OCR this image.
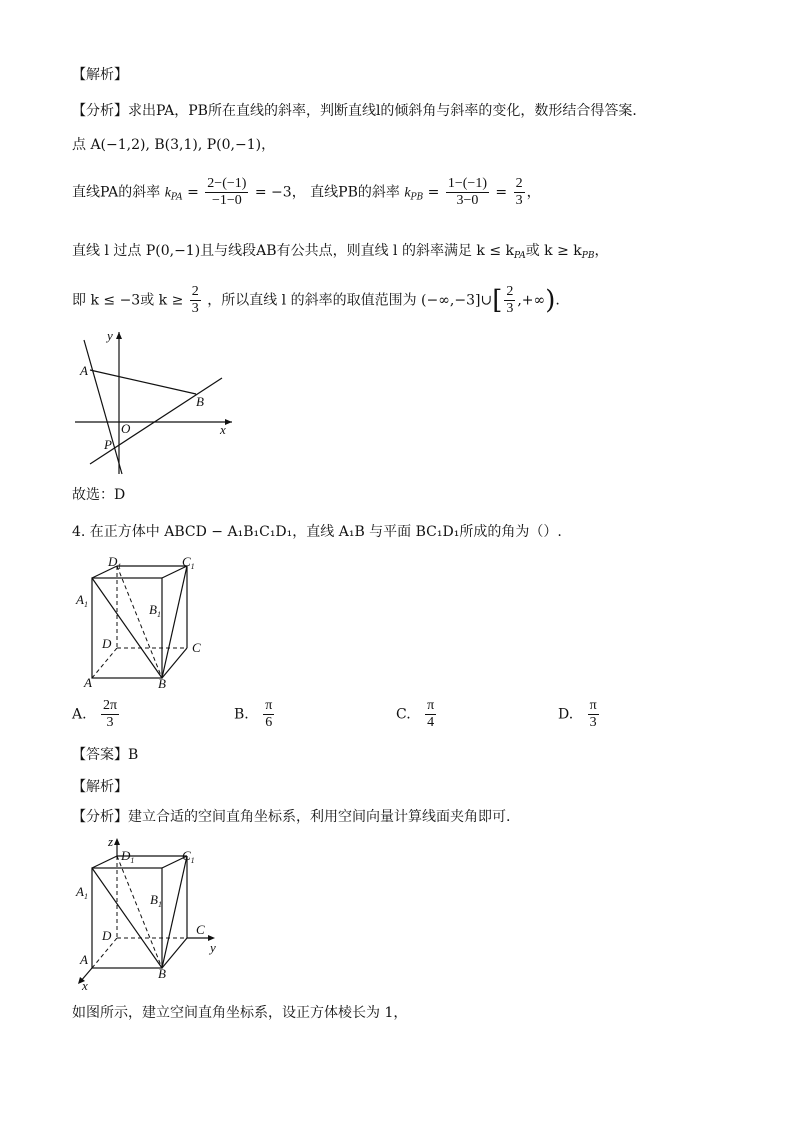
【解析】
【分析】求出PA，PB所在直线的斜率，判断直线l的倾斜角与斜率的变化，数形结合得答案．
点 A(−1,2), B(3,1), P(0,−1)，
直线PA的斜率 $k_{PA} = \frac{2-(-1)}{-1-0} = -3$， 直线PB的斜率 $k_{PB} = \frac{1-(-1)}{3-0} = \frac{2}{3}$ ，
直线 l 过点 P(0,−1)且与线段AB有公共点，则直线 l 的斜率满足 $k \le k_{PA}$或 $k \ge k_{PB}$，
即 k ≤ −3或 $k \ge \frac{2}{3}$ ，所以直线 l 的斜率的取值范围为 (−∞,−3]∪[ $\frac{2}{3}$ ,+∞).
y
x
A
B
O
P
故选：D
4. 在正方体中 ABCD − A₁B₁C₁D₁，直线 A₁B 与平面 BC₁D₁所成的角为（）.
$D_1$	$C_1$
$A_1$	$B_1$
D	C
A	B
A. $\frac{2\pi}{3}$	B. $\frac{\pi}{6}$	C. $\frac{\pi}{4}$	D. $\frac{\pi}{3}$
【答案】B
【解析】
【分析】建立合适的空间直角坐标系，利用空间向量计算线面夹角即可.
z
y
x
$D_1$	$C_1$
$A_1$	$B_1$
D	C
A
B
如图所示，建立空间直角坐标系，设正方体棱长为 1，
